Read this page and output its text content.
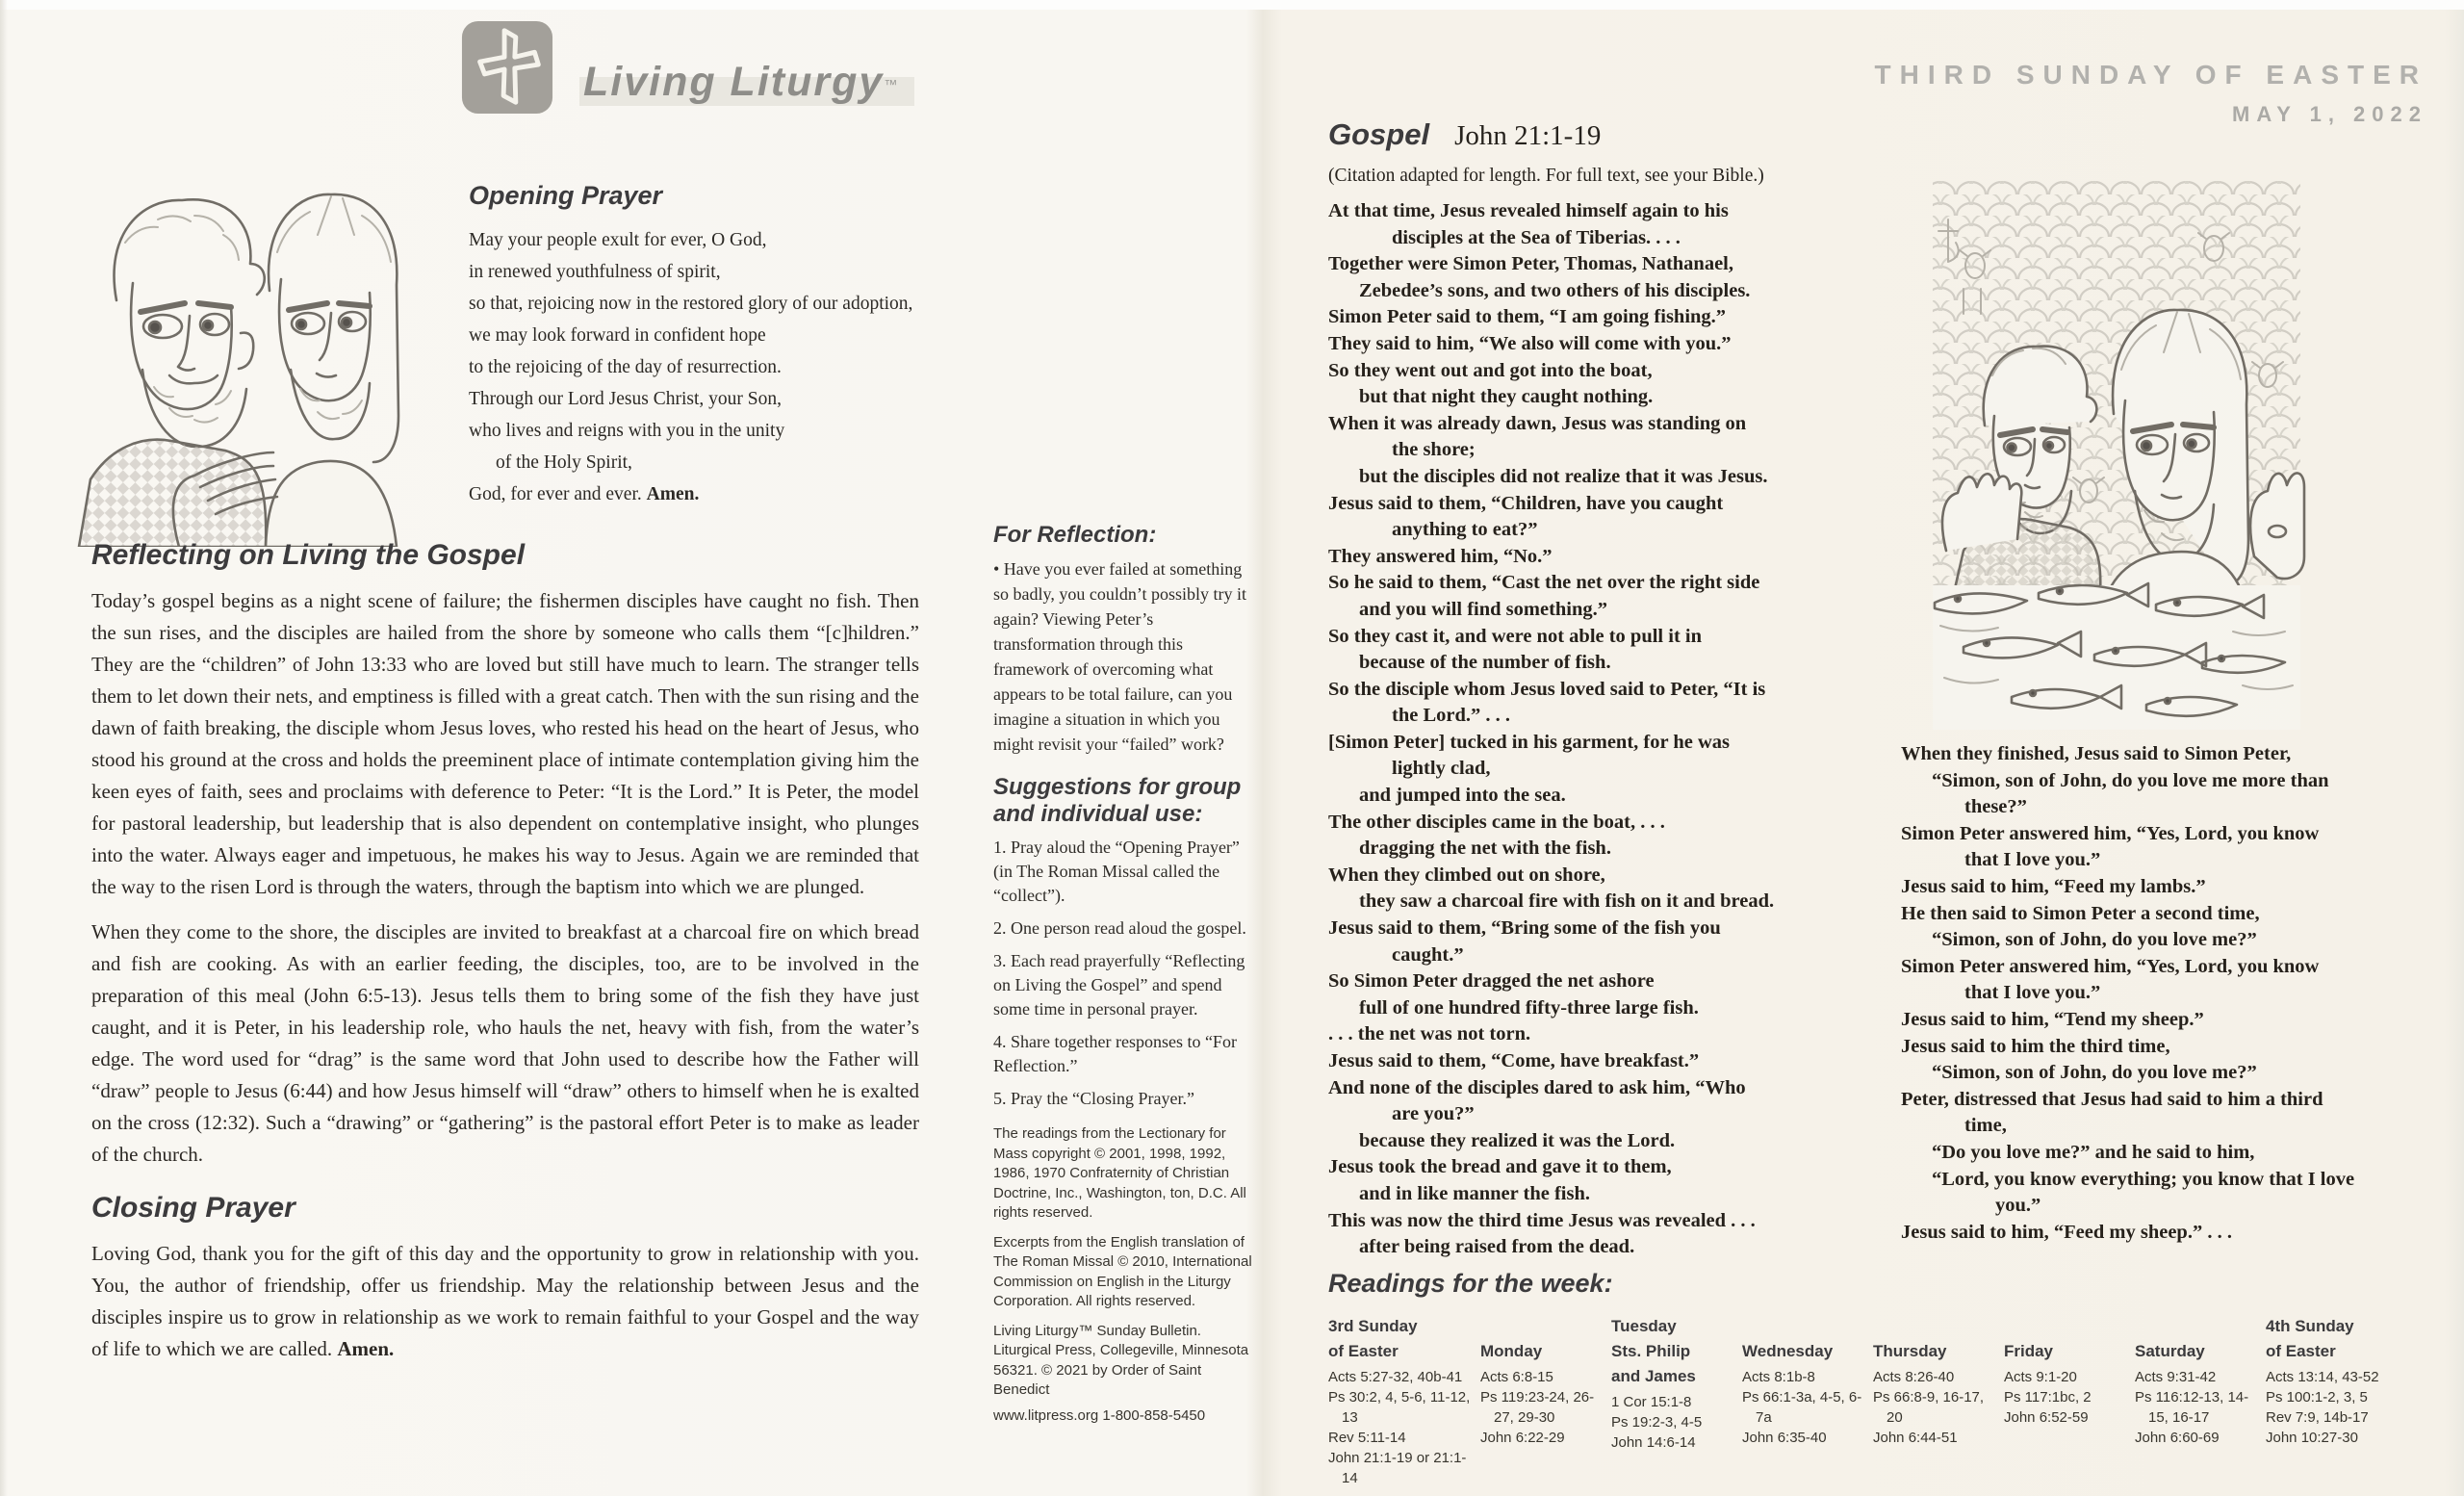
Living Liturgy™
Opening Prayer
May your people exult for ever, O God,
in renewed youthfulness of spirit,
so that, rejoicing now in the restored glory of our adoption,
we may look forward in confident hope
to the rejoicing of the day of resurrection.
Through our Lord Jesus Christ, your Son,
who lives and reigns with you in the unity
of the Holy Spirit,
God, for ever and ever. Amen.
Reflecting on Living the Gospel

Today’s gospel begins as a night scene of failure; the fishermen disciples have caught no fish. Then the sun rises, and the disciples are hailed from the shore by someone who calls them “[c]hildren.” They are the “children” of John 13:33 who are loved but still have much to learn. The stranger tells them to let down their nets, and emptiness is filled with a great catch. Then with the sun rising and the dawn of faith breaking, the disciple whom Jesus loves, who rested his head on the heart of Jesus, who stood his ground at the cross and holds the preeminent place of intimate contemplation giving him the keen eyes of faith, sees and proclaims with deference to Peter: “It is the Lord.” It is Peter, the model for pastoral leadership, but leadership that is also dependent on contemplative insight, who plunges into the water. Always eager and impetuous, he makes his way to Jesus. Again we are reminded that the way to the risen Lord is through the waters, through the baptism into which we are plunged.

When they come to the shore, the disciples are invited to breakfast at a charcoal fire on which bread and fish are cooking. As with an earlier feeding, the disciples, too, are to be involved in the preparation of this meal (John 6:5-13). Jesus tells them to bring some of the fish they have just caught, and it is Peter, in his leadership role, who hauls the net, heavy with fish, from the water’s edge. The word used for “drag” is the same word that John used to describe how the Father will “draw” people to Jesus (6:44) and how Jesus himself will “draw” others to himself when he is exalted on the cross (12:32). Such a “drawing” or “gathering” is the pastoral effort Peter is to make as leader of the church.

Closing Prayer

Loving God, thank you for the gift of this day and the opportunity to grow in relationship with you. You, the author of friendship, offer us friendship. May the relationship between Jesus and the disciples inspire us to grow in relationship as we work to remain faithful to your Gospel and the way of life to which we are called. Amen.

For Reflection:

• Have you ever failed at something so badly, you couldn’t possibly try it again? Viewing Peter’s transformation through this framework of overcoming what appears to be total failure, can you imagine a situation in which you might revisit your “failed” work?

Suggestions for group and individual use:
1. Pray aloud the “Opening Prayer” (in The Roman Missal called the “collect”).
2. One person read aloud the gospel.
3. Each read prayerfully “Reflecting on Living the Gospel” and spend some time in personal prayer.
4. Share together responses to “For Reflection.”
5. Pray the “Closing Prayer.”
The readings from the Lectionary for Mass copyright © 2001, 1998, 1992, 1986, 1970 Confraternity of Christian Doctrine, Inc., Washington, ton, D.C. All rights reserved.
Excerpts from the English translation of The Roman Missal © 2010, International Commission on English in the Liturgy Corporation. All rights reserved.
Living Liturgy™ Sunday Bulletin. Liturgical Press, Collegeville, Minnesota 56321. © 2021 by Order of Saint Benedict
www.litpress.org 1-800-858-5450
THIRD SUNDAY OF EASTER
MAY 1, 2022
Gospel John 21:1-19
(Citation adapted for length. For full text, see your Bible.)
At that time, Jesus revealed himself again to his
disciples at the Sea of Tiberias. . . .
Together were Simon Peter, Thomas, Nathanael,
Zebedee’s sons, and two others of his disciples.
Simon Peter said to them, “I am going fishing.”
They said to him, “We also will come with you.”
So they went out and got into the boat,
but that night they caught nothing.
When it was already dawn, Jesus was standing on
the shore;
but the disciples did not realize that it was Jesus.
Jesus said to them, “Children, have you caught
anything to eat?”
They answered him, “No.”
So he said to them, “Cast the net over the right side
and you will find something.”
So they cast it, and were not able to pull it in
because of the number of fish.
So the disciple whom Jesus loved said to Peter, “It is
the Lord.” . . .
[Simon Peter] tucked in his garment, for he was
lightly clad,
and jumped into the sea.
The other disciples came in the boat, . . .
dragging the net with the fish.
When they climbed out on shore,
they saw a charcoal fire with fish on it and bread.
Jesus said to them, “Bring some of the fish you
caught.”
So Simon Peter dragged the net ashore
full of one hundred fifty-three large fish.
. . . the net was not torn.
Jesus said to them, “Come, have breakfast.”
And none of the disciples dared to ask him, “Who
are you?”
because they realized it was the Lord.
Jesus took the bread and gave it to them,
and in like manner the fish.
This was now the third time Jesus was revealed . . .
after being raised from the dead.
When they finished, Jesus said to Simon Peter,
“Simon, son of John, do you love me more than
these?”
Simon Peter answered him, “Yes, Lord, you know
that I love you.”
Jesus said to him, “Feed my lambs.”
He then said to Simon Peter a second time,
“Simon, son of John, do you love me?”
Simon Peter answered him, “Yes, Lord, you know
that I love you.”
Jesus said to him, “Tend my sheep.”
Jesus said to him the third time,
“Simon, son of John, do you love me?”
Peter, distressed that Jesus had said to him a third
time,
“Do you love me?” and he said to him,
“Lord, you know everything; you know that I love
you.”
Jesus said to him, “Feed my sheep.” . . .
Readings for the week:
3rd Sunday
of Easter
Acts 5:27-32, 40b-41
Ps 30:2, 4, 5-6, 11-12, 13
Rev 5:11-14
John 21:1-19 or 21:1-14
Monday
Acts 6:8-15
Ps 119:23-24, 26-27, 29-30
John 6:22-29
Tuesday
Sts. Philip
and James
1 Cor 15:1-8
Ps 19:2-3, 4-5
John 14:6-14
Wednesday
Acts 8:1b-8
Ps 66:1-3a, 4-5, 6-7a
John 6:35-40
Thursday
Acts 8:26-40
Ps 66:8-9, 16-17, 20
John 6:44-51
Friday
Acts 9:1-20
Ps 117:1bc, 2
John 6:52-59
Saturday
Acts 9:31-42
Ps 116:12-13, 14-15, 16-17
John 6:60-69
4th Sunday
of Easter
Acts 13:14, 43-52
Ps 100:1-2, 3, 5
Rev 7:9, 14b-17
John 10:27-30
